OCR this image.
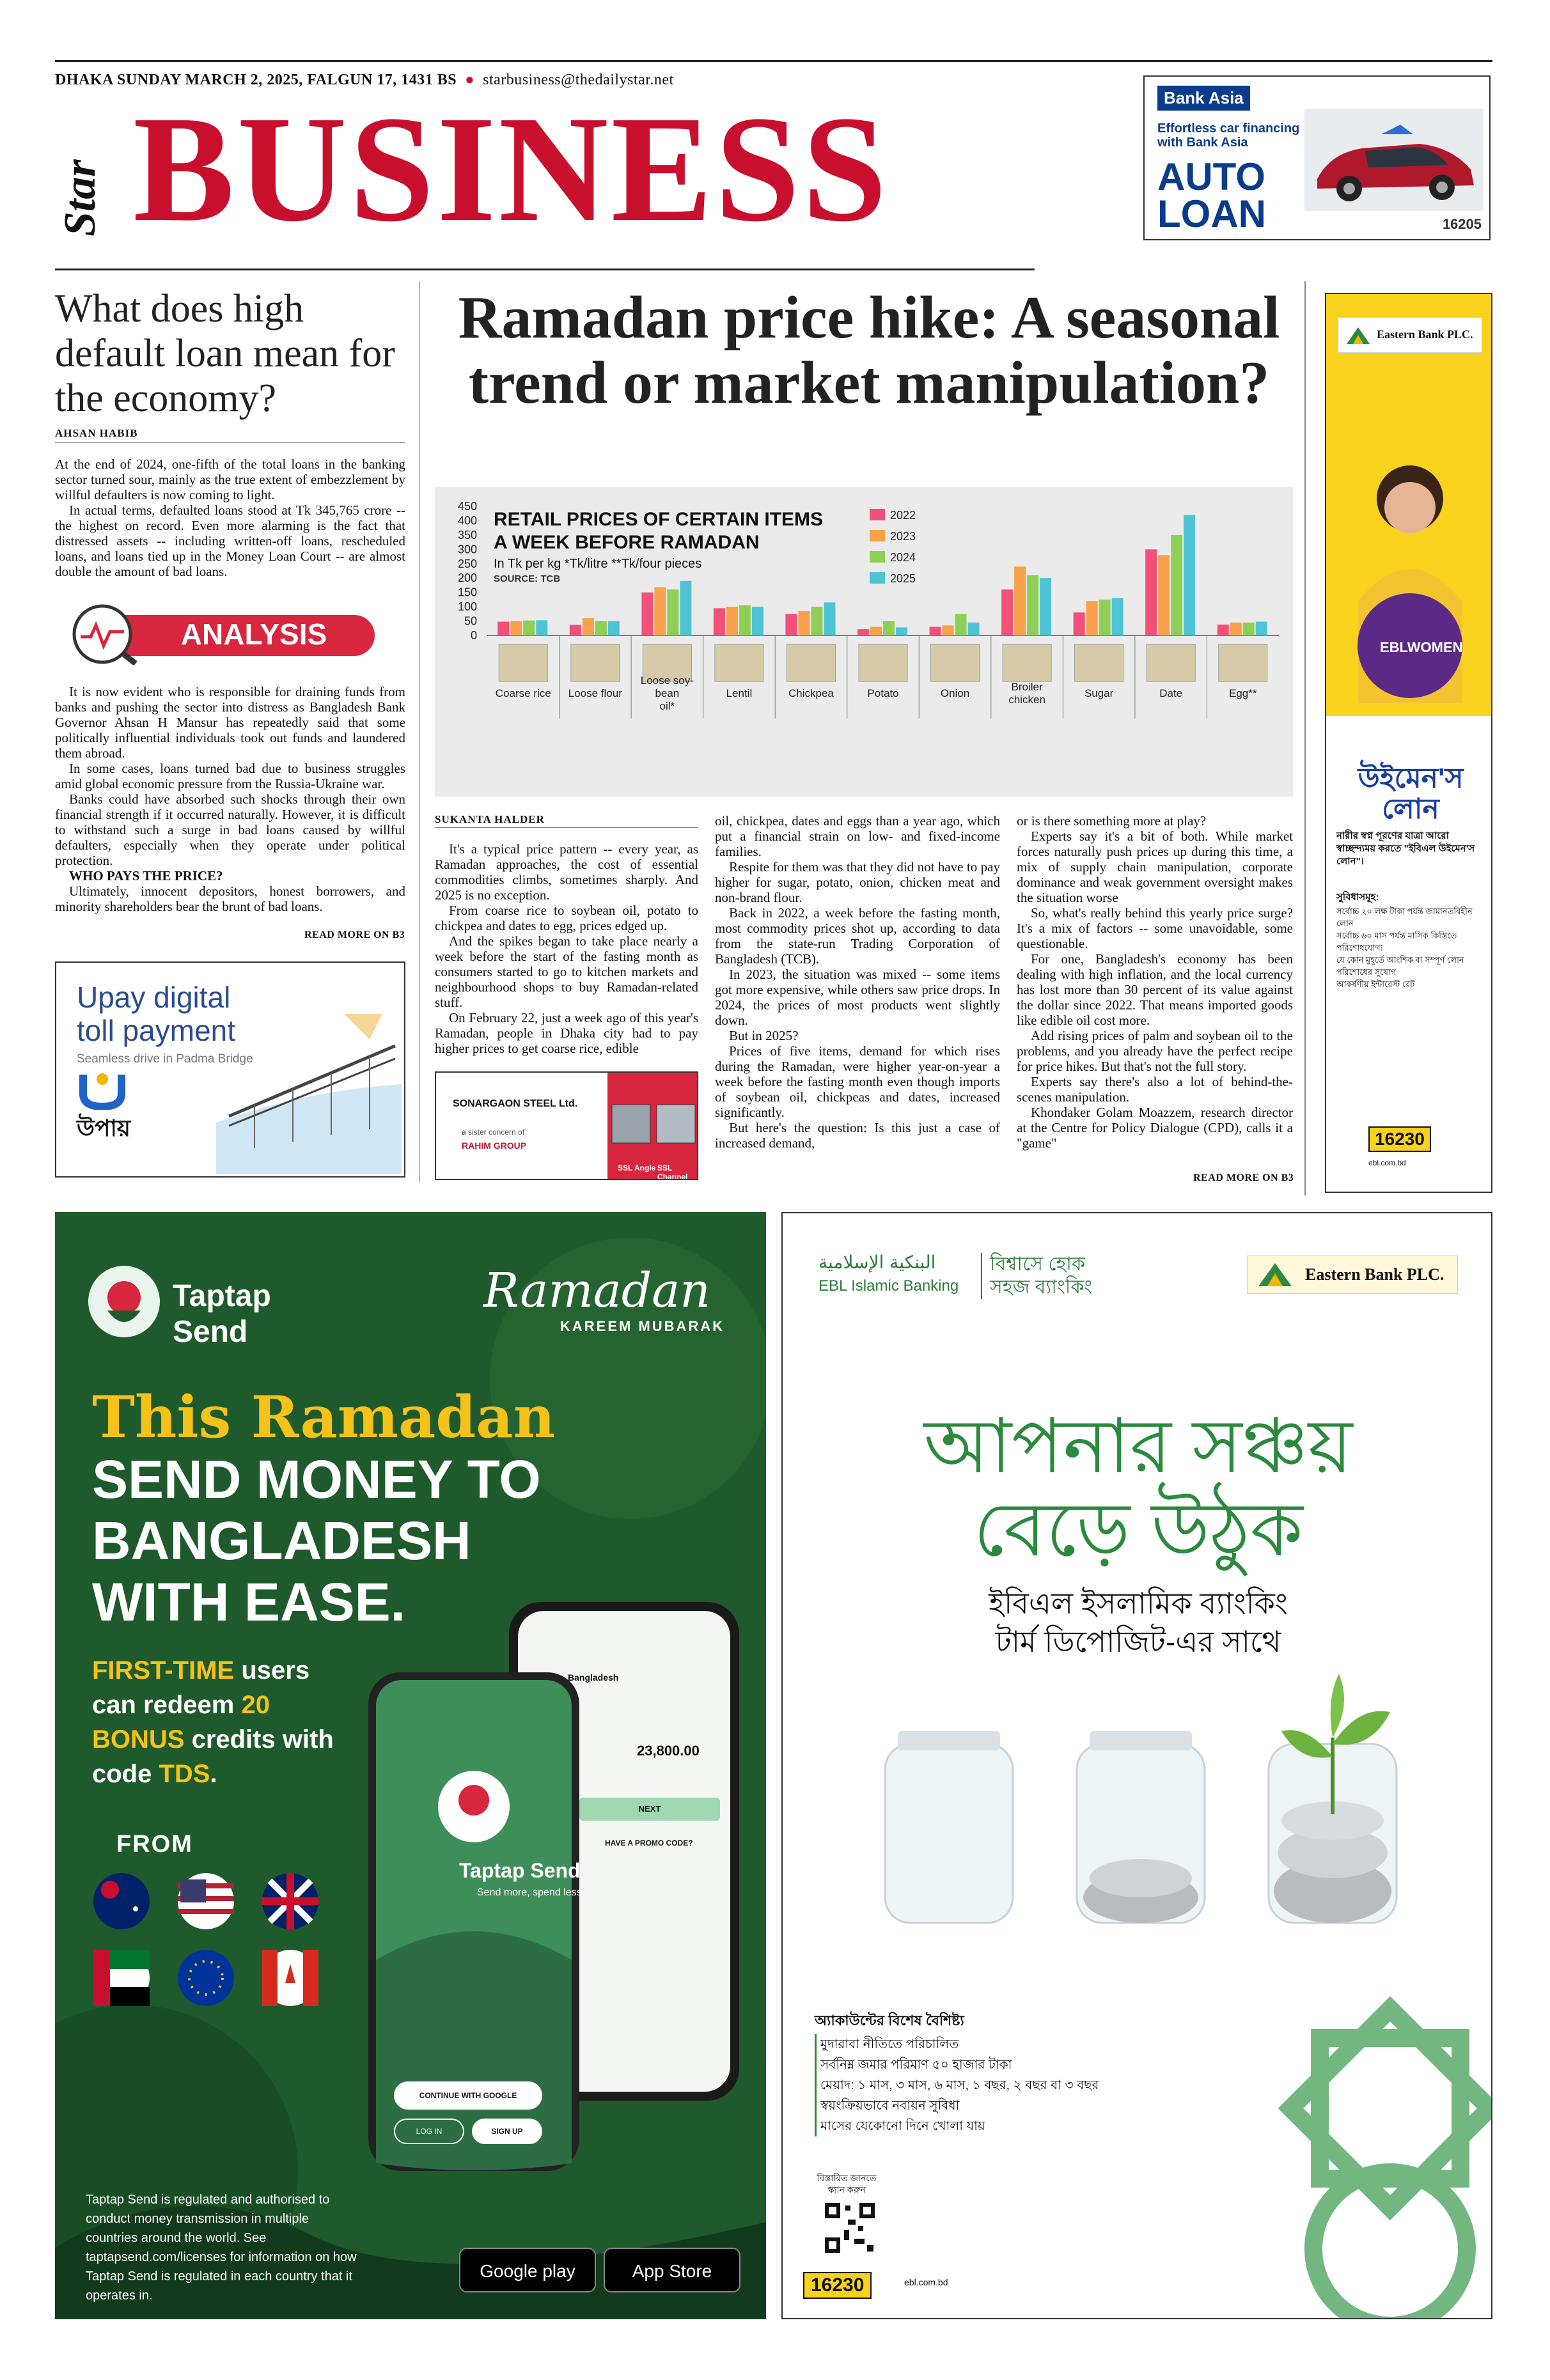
DHAKA SUNDAY MARCH 2, 2025, FALGUN 17, 1431 BS  ●  starbusiness@thedailystar.net
Star BUSINESS	Bank Asia
Effortless car financing with Bank Asia
AUTO
LOAN	16205
What does high default loan mean for the economy?
AHSAN HABIB

At the end of 2024, one-fifth of the total loans in the banking sector turned sour, mainly as the true extent of embezzlement by willful defaulters is now coming to light.

In actual terms, defaulted loans stood at Tk 345,765 crore -- the highest on record. Even more alarming is the fact that distressed assets -- including written-off loans, rescheduled loans, and loans tied up in the Money Loan Court -- are almost double the amount of bad loans.

ANALYSIS

It is now evident who is responsible for draining funds from banks and pushing the sector into distress as Bangladesh Bank Governor Ahsan H Mansur has repeatedly said that some politically influential individuals took out funds and laundered them abroad.

In some cases, loans turned bad due to business struggles amid global economic pressure from the Russia-Ukraine war.

Banks could have absorbed such shocks through their own financial strength if it occurred naturally. However, it is difficult to withstand such a surge in bad loans caused by willful defaulters, especially when they operate under political protection.

WHO PAYS THE PRICE?

Ultimately, innocent depositors, honest borrowers, and minority shareholders bear the brunt of bad loans.

READ MORE ON B3
Upay digital toll payment
Seamless drive in Padma Bridge
উপায়
Ramadan price hike: A seasonal trend or market manipulation?
450
400
350
300
250
200
150
100
50
0
Coarse rice Loose flour
Loose soy-
bean
oil*
Lentil	Chickpea	Potato	Onion
Broiler
chicken
Sugar	Date	Egg**
RETAIL PRICES OF CERTAIN ITEMS A WEEK BEFORE RAMADAN
In Tk per kg *Tk/litre **Tk/four pieces
SOURCE: TCB
2022
2023
2024
2025
SUKANTA HALDER

It's a typical price pattern -- every year, as Ramadan approaches, the cost of essential commodities climbs, sometimes sharply. And 2025 is no exception.

From coarse rice to soybean oil, potato to chickpea and dates to egg, prices edged up.

And the spikes began to take place nearly a week before the start of the fasting month as consumers started to go to kitchen markets and neighbourhood shops to buy Ramadan-related stuff.

On February 22, just a week ago of this year's Ramadan, people in Dhaka city had to pay higher prices to get coarse rice, edible

SONARGAON STEEL Ltd.
a sister concern of
RAHIM GROUP
SSL Angle SSL Channel

oil, chickpea, dates and eggs than a year ago, which put a financial strain on low- and fixed-income families.

Respite for them was that they did not have to pay higher for sugar, potato, onion, chicken meat and non-brand flour.

Back in 2022, a week before the fasting month, most commodity prices shot up, according to data from the state-run Trading Corporation of Bangladesh (TCB).

In 2023, the situation was mixed -- some items got more expensive, while others saw price drops. In 2024, the prices of most products went slightly down.

But in 2025?

Prices of five items, demand for which rises during the Ramadan, were higher year-on-year a week before the fasting month even though imports of soybean oil, chickpeas and dates, increased significantly.

But here's the question: Is this just a case of increased demand,

or is there something more at play?

Experts say it's a bit of both. While market forces naturally push prices up during this time, a mix of supply chain manipulation, corporate dominance and weak government oversight makes the situation worse

So, what's really behind this yearly price surge? It's a mix of factors -- some unavoidable, some questionable.

For one, Bangladesh's economy has been dealing with high inflation, and the local currency has lost more than 30 percent of its value against the dollar since 2022. That means imported goods like edible oil cost more.

Add rising prices of palm and soybean oil to the problems, and you already have the perfect recipe for price hikes. But that's not the full story.

Experts say there's also a lot of behind-the-scenes manipulation.

Khondaker Golam Moazzem, research director at the Centre for Policy Dialogue (CPD), calls it a "game"

READ MORE ON B3
Eastern Bank PLC.
EBLWOMEN
উইমেন'স লোন
নারীর স্বপ্ন পূরণের যাত্রা আরো স্বাচ্ছন্দ্যময় করতে "ইবিএল উইমেন'স লোন"।
সুবিধাসমূহ:
সর্বোচ্চ ২০ লক্ষ টাকা পর্যন্ত জামানতবিহীন লোন
সর্বোচ্চ ৬০ মাস পর্যন্ত মাসিক কিস্তিতে পরিশোধযোগ্য
যে কোন মুহূর্তে আংশিক বা সম্পূর্ণ লোন পরিশোধের সুযোগ
আকর্ষণীয় ইন্টারেস্ট রেট
16230
ebl.com.bd
Taptap Send
Ramadan
KAREEM MUBARAK
This Ramadan
SEND MONEY TO BANGLADESH WITH EASE.
FIRST-TIME users can redeem 20 BONUS credits with code TDS.
FROM
Taptap Send
Send more, spend less.
CONTINUE WITH GOOGLE
LOG IN	SIGN UP
Bangladesh
23,800.00
NEXT
HAVE A PROMO CODE?
Taptap Send is regulated and authorised to conduct money transmission in multiple countries around the world. See taptapsend.com/licenses for information on how Taptap Send is regulated in each country that it operates in.
Google play	App Store
البنكية الإسلامية
EBL Islamic Banking
বিশ্বাসে হোক সহজ ব্যাংকিং
Eastern Bank PLC.
আপনার সঞ্চয়
বেড়ে উঠুক
ইবিএল ইসলামিক ব্যাংকিং
টার্ম ডিপোজিট-এর সাথে
অ্যাকাউন্টের বিশেষ বৈশিষ্ট্য
মুদারাবা নীতিতে পরিচালিত
সর্বনিম্ন জমার পরিমাণ ৫০ হাজার টাকা
মেয়াদ: ১ মাস, ৩ মাস, ৬ মাস, ১ বছর, ২ বছর বা ৩ বছর
স্বয়ংক্রিয়ভাবে নবায়ন সুবিধা
মাসের যেকোনো দিনে খোলা যায়
বিস্তারিত জানতে স্ক্যান করুন
16230	ebl.com.bd
